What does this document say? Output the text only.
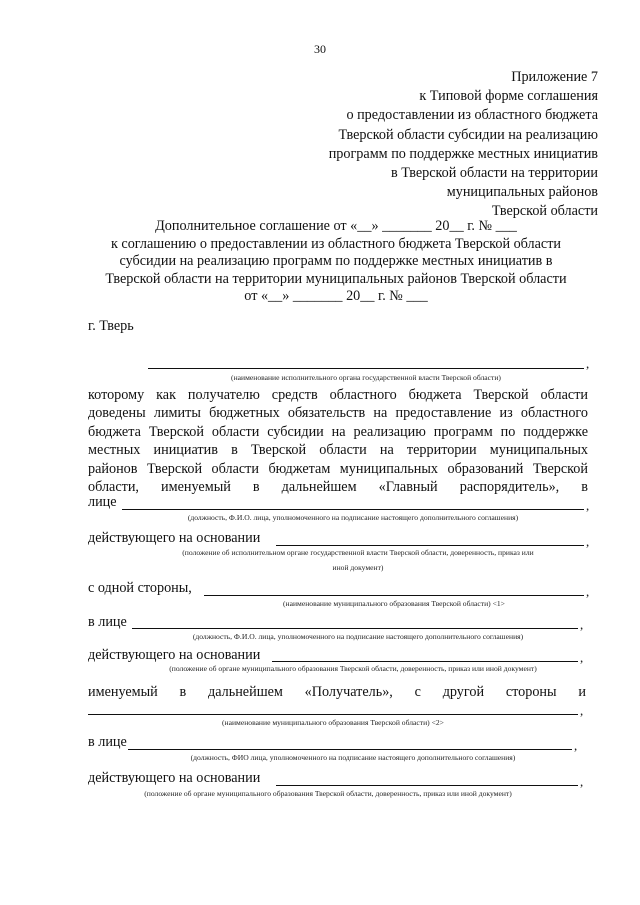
30
Приложение 7
к Типовой форме соглашения
о предоставлении из областного бюджета
Тверской области субсидии на реализацию
программ по поддержке местных инициатив
в Тверской области на территории
муниципальных районов
Тверской области
Дополнительное соглашение от «__» _______ 20__ г. № ___
к соглашению о предоставлении из областного бюджета Тверской области
субсидии на реализацию программ по поддержке местных инициатив в
Тверской области на территории муниципальных районов Тверской области
от «__» _______ 20__ г. № ___
г. Тверь
,
(наименование исполнительного органа государственной власти Тверской области)
которому как получателю средств областного бюджета Тверской области
доведены лимиты бюджетных обязательств на предоставление из областного
бюджета Тверской области субсидии на реализацию программ по поддержке
местных инициатив в Тверской области на территории муниципальных
районов Тверской области бюджетам муниципальных образований Тверской
области, именуемый в дальнейшем «Главный распорядитель», в
лице	,
(должность, Ф.И.О. лица, уполномоченного на подписание настоящего дополнительного соглашения)
действующего на основании	,
(положение об исполнительном органе государственной власти Тверской области, доверенность, приказ или
иной документ)
с одной стороны,	,
(наименование муниципального образования Тверской области) <1>
в лице	,
(должность, Ф.И.О. лица, уполномоченного на подписание настоящего дополнительного соглашения)
действующего на основании	,
(положение об органе муниципального образования Тверской области, доверенность, приказ или иной документ)
именуемый в дальнейшем «Получатель», с другой стороны и
,
(наименование муниципального образования Тверской области) <2>
в лице	,
(должность, ФИО лица, уполномоченного на подписание настоящего дополнительного соглашения)
действующего на основании	,
(положение об органе муниципального образования Тверской области, доверенность, приказ или иной документ)
